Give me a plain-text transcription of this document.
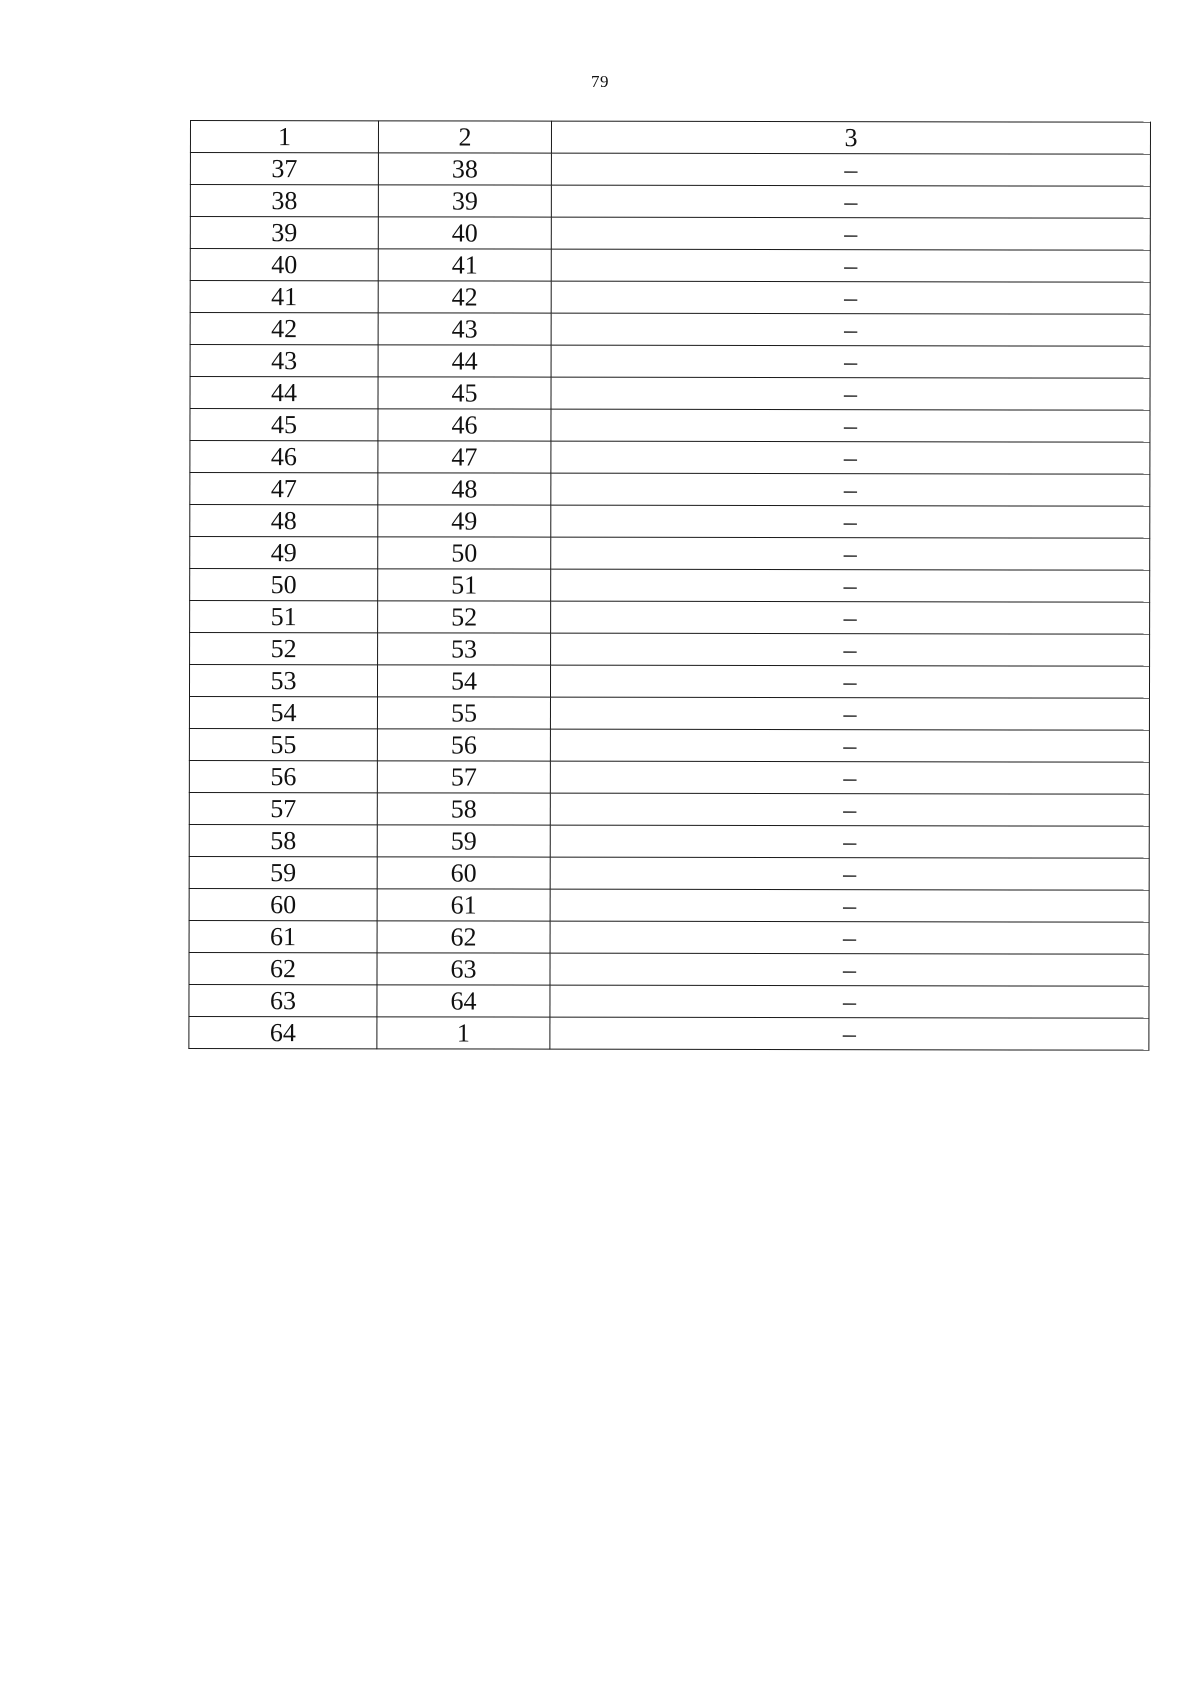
79
1	2	3
37	38	–
38	39	–
39	40	–
40	41	–
41	42	–
42	43	–
43	44	–
44	45	–
45	46	–
46	47	–
47	48	–
48	49	–
49	50	–
50	51	–
51	52	–
52	53	–
53	54	–
54	55	–
55	56	–
56	57	–
57	58	–
58	59	–
59	60	–
60	61	–
61	62	–
62	63	–
63	64	–
64	1	–
